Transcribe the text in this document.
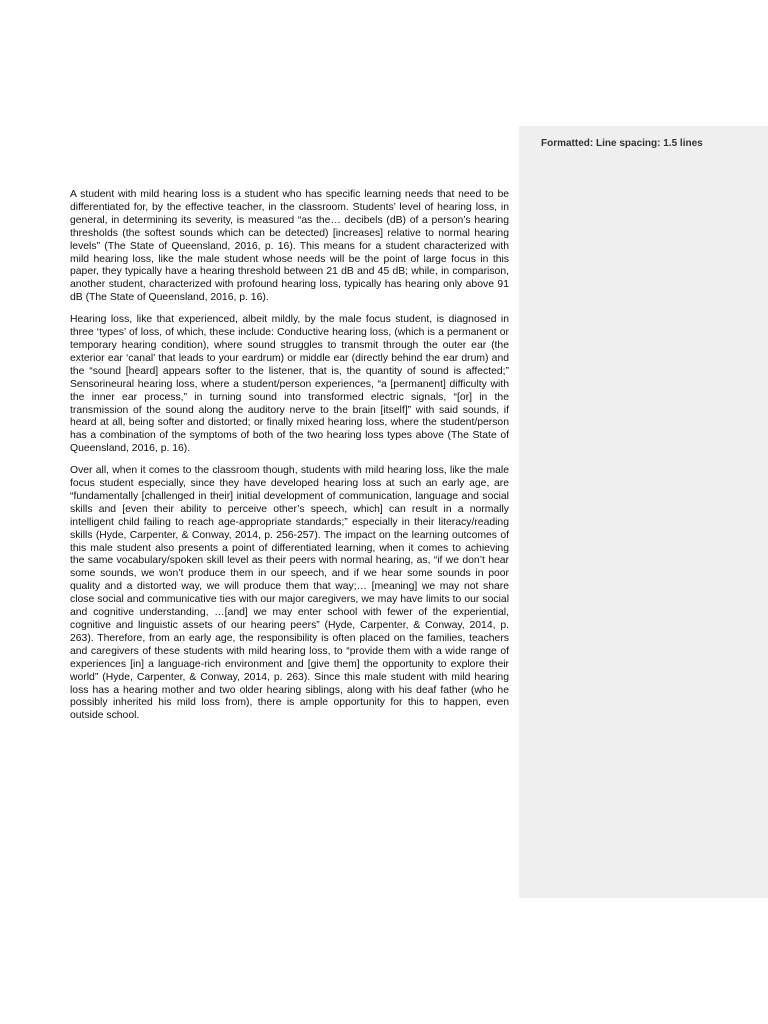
Formatted: Line spacing: 1.5 lines

A student with mild hearing loss is a student who has specific learning needs that need to be differentiated for, by the effective teacher, in the classroom. Students’ level of hearing loss, in general, in determining its severity, is measured “as the… decibels (dB) of a person’s hearing thresholds (the softest sounds which can be detected) [increases] relative to normal hearing levels” (The State of Queensland, 2016, p. 16). This means for a student characterized with mild hearing loss, like the male student whose needs will be the point of large focus in this paper, they typically have a hearing threshold between 21 dB and 45 dB; while, in comparison, another student, characterized with profound hearing loss, typically has hearing only above 91 dB (The State of Queensland, 2016, p. 16).

Hearing loss, like that experienced, albeit mildly, by the male focus student, is diagnosed in three ‘types’ of loss, of which, these include: Conductive hearing loss, (which is a permanent or temporary hearing condition), where sound struggles to transmit through the outer ear (the exterior ear ‘canal’ that leads to your eardrum) or middle ear (directly behind the ear drum) and the “sound [heard] appears softer to the listener, that is, the quantity of sound is affected;” Sensorineural hearing loss, where a student/person experiences, “a [permanent] difficulty with the inner ear process,” in turning sound into transformed electric signals, “[or] in the transmission of the sound along the auditory nerve to the brain [itself]” with said sounds, if heard at all, being softer and distorted; or finally mixed hearing loss, where the student/person has a combination of the symptoms of both of the two hearing loss types above (The State of Queensland, 2016, p. 16).

Over all, when it comes to the classroom though, students with mild hearing loss, like the male focus student especially, since they have developed hearing loss at such an early age, are “fundamentally [challenged in their] initial development of communication, language and social skills and [even their ability to perceive other’s speech, which] can result in a normally intelligent child failing to reach age-appropriate standards;” especially in their literacy/reading skills (Hyde, Carpenter, & Conway, 2014, p. 256-257). The impact on the learning outcomes of this male student also presents a point of differentiated learning, when it comes to achieving the same vocabulary/spoken skill level as their peers with normal hearing, as, “if we don’t hear some sounds, we won’t produce them in our speech, and if we hear some sounds in poor quality and a distorted way, we will produce them that way;… [meaning] we may not share close social and communicative ties with our major caregivers, we may have limits to our social and cognitive understanding, …[and] we may enter school with fewer of the experiential, cognitive and linguistic assets of our hearing peers” (Hyde, Carpenter, & Conway, 2014, p. 263). Therefore, from an early age, the responsibility is often placed on the families, teachers and caregivers of these students with mild hearing loss, to “provide them with a wide range of experiences [in] a language-rich environment and [give them] the opportunity to explore their world” (Hyde, Carpenter, & Conway, 2014, p. 263). Since this male student with mild hearing loss has a hearing mother and two older hearing siblings, along with his deaf father (who he possibly inherited his mild loss from), there is ample opportunity for this to happen, even outside school.
